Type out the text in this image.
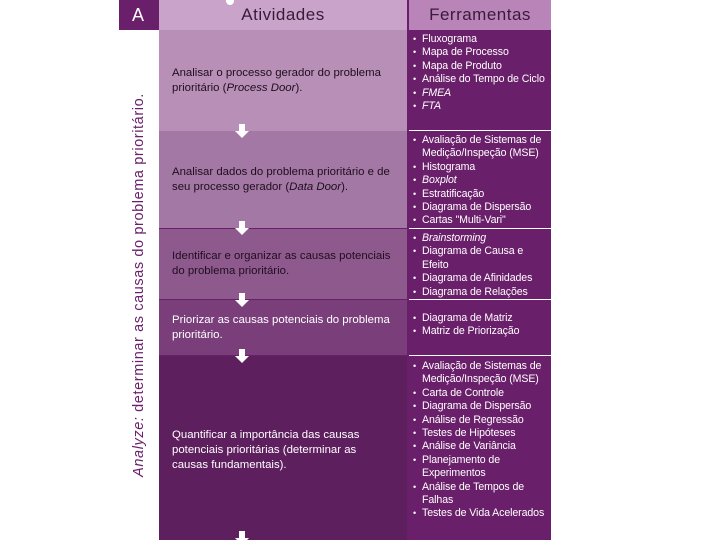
A	Atividades	Ferramentas
Analyze: determinar as causas do problema prioritário.
Analisar o processo gerador do problema prioritário (Process Door).
• Fluxograma
• Mapa de Processo
• Mapa de Produto
• Análise do Tempo de Ciclo
• FMEA
• FTA
Analisar dados do problema prioritário e de seu processo gerador (Data Door).
• Avaliação de Sistemas de Medição/Inspeção (MSE)
• Histograma
• Boxplot
• Estratificação
• Diagrama de Dispersão
• Cartas "Multi-Vari"
Identificar e organizar as causas potenciais do problema prioritário.
• Brainstorming
• Diagrama de Causa e Efeito
• Diagrama de Afinidades
• Diagrama de Relações
Priorizar as causas potenciais do problema prioritário.
• Diagrama de Matriz
• Matriz de Priorização
Quantificar a importância das causas potenciais prioritárias (determinar as causas fundamentais).
• Avaliação de Sistemas de Medição/Inspeção (MSE)
• Carta de Controle
• Diagrama de Dispersão
• Análise de Regressão
• Testes de Hipóteses
• Análise de Variância
• Planejamento de Experimentos
• Análise de Tempos de Falhas
• Testes de Vida Acelerados
